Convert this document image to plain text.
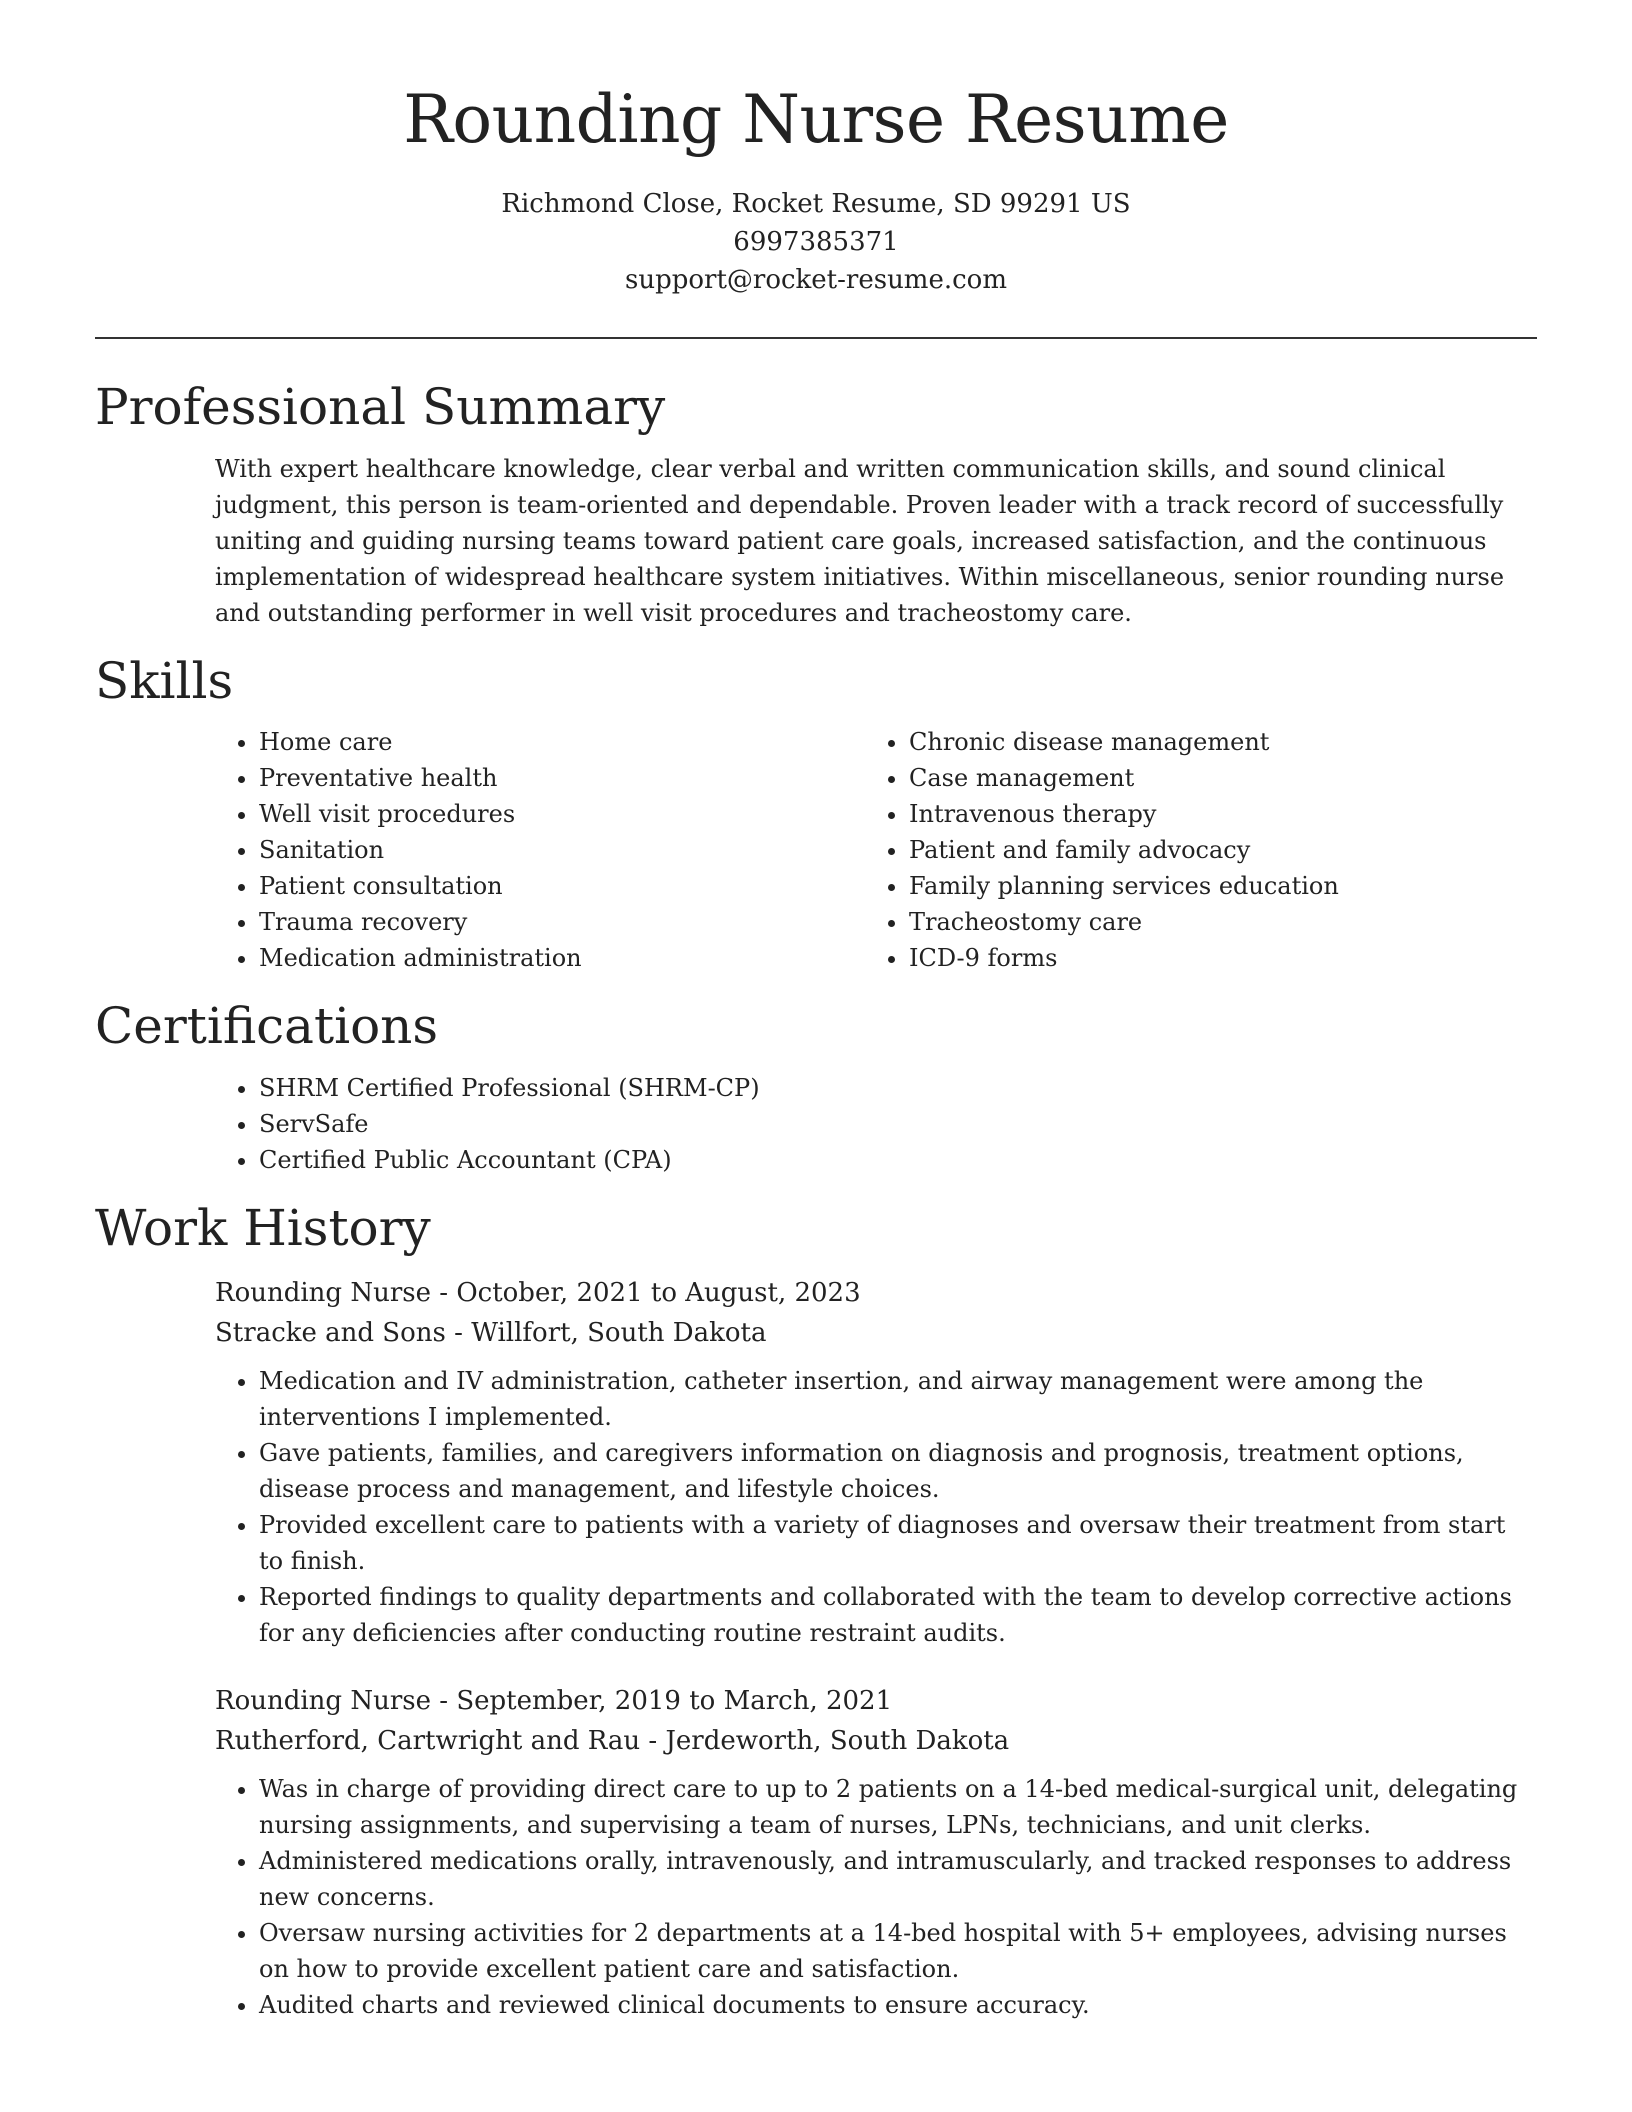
Rounding Nurse Resume

Richmond Close, Rocket Resume, SD 99291 US

6997385371

support@rocket-resume.com

Professional Summary

With expert healthcare knowledge, clear verbal and written communication skills, and sound clinical judgment, this person is team-oriented and dependable. Proven leader with a track record of successfully uniting and guiding nursing teams toward patient care goals, increased satisfaction, and the continuous implementation of widespread healthcare system initiatives. Within miscellaneous, senior rounding nurse and outstanding performer in well visit procedures and tracheostomy care.

Skills
• Home care
• Preventative health
• Well visit procedures
• Sanitation
• Patient consultation
• Trauma recovery
• Medication administration
• Chronic disease management
• Case management
• Intravenous therapy
• Patient and family advocacy
• Family planning services education
• Tracheostomy care
• ICD-9 forms
Certifications
• SHRM Certified Professional (SHRM-CP)
• ServSafe
• Certified Public Accountant (CPA)
Work History

Rounding Nurse - October, 2021 to August, 2023

Stracke and Sons - Willfort, South Dakota

• Medication and IV administration, catheter insertion, and airway management were among the interventions I implemented.
• Gave patients, families, and caregivers information on diagnosis and prognosis, treatment options, disease process and management, and lifestyle choices.
• Provided excellent care to patients with a variety of diagnoses and oversaw their treatment from start to finish.
• Reported findings to quality departments and collaborated with the team to develop corrective actions for any deficiencies after conducting routine restraint audits.

Rounding Nurse - September, 2019 to March, 2021

Rutherford, Cartwright and Rau - Jerdeworth, South Dakota

• Was in charge of providing direct care to up to 2 patients on a 14-bed medical-surgical unit, delegating nursing assignments, and supervising a team of nurses, LPNs, technicians, and unit clerks.
• Administered medications orally, intravenously, and intramuscularly, and tracked responses to address new concerns.
• Oversaw nursing activities for 2 departments at a 14-bed hospital with 5+ employees, advising nurses on how to provide excellent patient care and satisfaction.
• Audited charts and reviewed clinical documents to ensure accuracy.
